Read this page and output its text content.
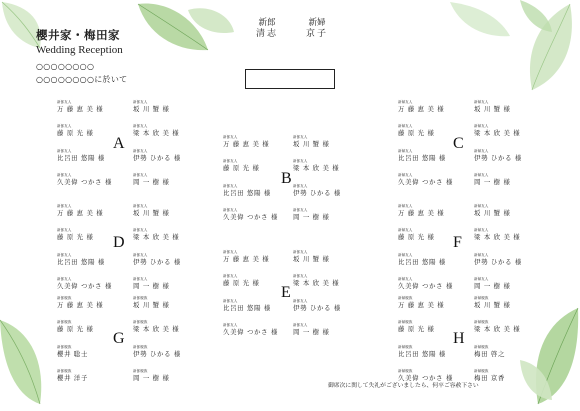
櫻井家・梅田家
Wedding Reception
○○○○○○○○
○○○○○○○○に於いて
新郎
清志
新婦
京子
A
新郎友人
万 藤 恵 美 様
新郎友人
坂 川 蟹 様
新郎友人
藤 原 光 様
新郎友人
梁 本 欣 美 様
新郎友人
比呂田 悠陽 様
新郎友人
伊勢 ひかる 様
新郎友人
久美偉 つかさ 様
新郎友人
岡 一 樹 様	B
新郎友人
万 藤 恵 美 様
新郎友人
坂 川 蟹 様
新郎友人
藤 原 光 様
新郎友人
梁 本 欣 美 様
新郎友人
比呂田 悠陽 様
新郎友人
伊勢 ひかる 様
新郎友人
久美偉 つかさ 様
新郎友人
岡 一 樹 様
C
新婦友人
万 藤 恵 美 様
新婦友人
坂 川 蟹 様
新婦友人
藤 原 光 様
新婦友人
梁 本 欣 美 様
新婦友人
比呂田 悠陽 様
新婦友人
伊勢 ひかる 様
新婦友人
久美偉 つかさ 様
新婦友人
岡 一 樹 様
D
新郎友人
万 藤 恵 美 様
新郎友人
坂 川 蟹 様
新郎友人
藤 原 光 様
新郎友人
梁 本 欣 美 様
新郎友人
比呂田 悠陽 様
新郎友人
伊勢 ひかる 様
新郎友人
久美偉 つかさ 様
新郎友人
岡 一 樹 様	E
新郎友人
万 藤 恵 美 様
新郎友人
坂 川 蟹 様
新郎友人
藤 原 光 様
新郎友人
梁 本 欣 美 様
新郎友人
比呂田 悠陽 様
新郎友人
伊勢 ひかる 様
新郎友人
久美偉 つかさ 様
新郎友人
岡 一 樹 様
F
新婦友人
万 藤 恵 美 様
新婦友人
坂 川 蟹 様
新婦友人
藤 原 光 様
新婦友人
梁 本 欣 美 様
新婦友人
比呂田 悠陽 様
新婦友人
伊勢 ひかる 様
新婦友人
久美偉 つかさ 様
新婦友人
岡 一 樹 様
G
新郎親族
万 藤 恵 美 様
新郎親族
坂 川 蟹 様
新郎親族
藤 原 光 様
新郎親族
梁 本 欣 美 様
新郎親族
櫻井 聡士
新郎親族
伊勢 ひかる 様
新郎親族
櫻井 洋子
新郎親族
岡 一 樹 様
H
新婦親族
万 藤 恵 美 様
新婦親族
坂 川 蟹 様
新婦親族
藤 原 光 様
新婦親族
梁 本 欣 美 様
新婦親族
比呂田 悠陽 様
新婦親族
梅田 啓之
新婦親族
久美偉 つかさ 様
新婦親族
梅田 京香
御席次に関して失礼がございましたら、何卒ご容赦下さい
